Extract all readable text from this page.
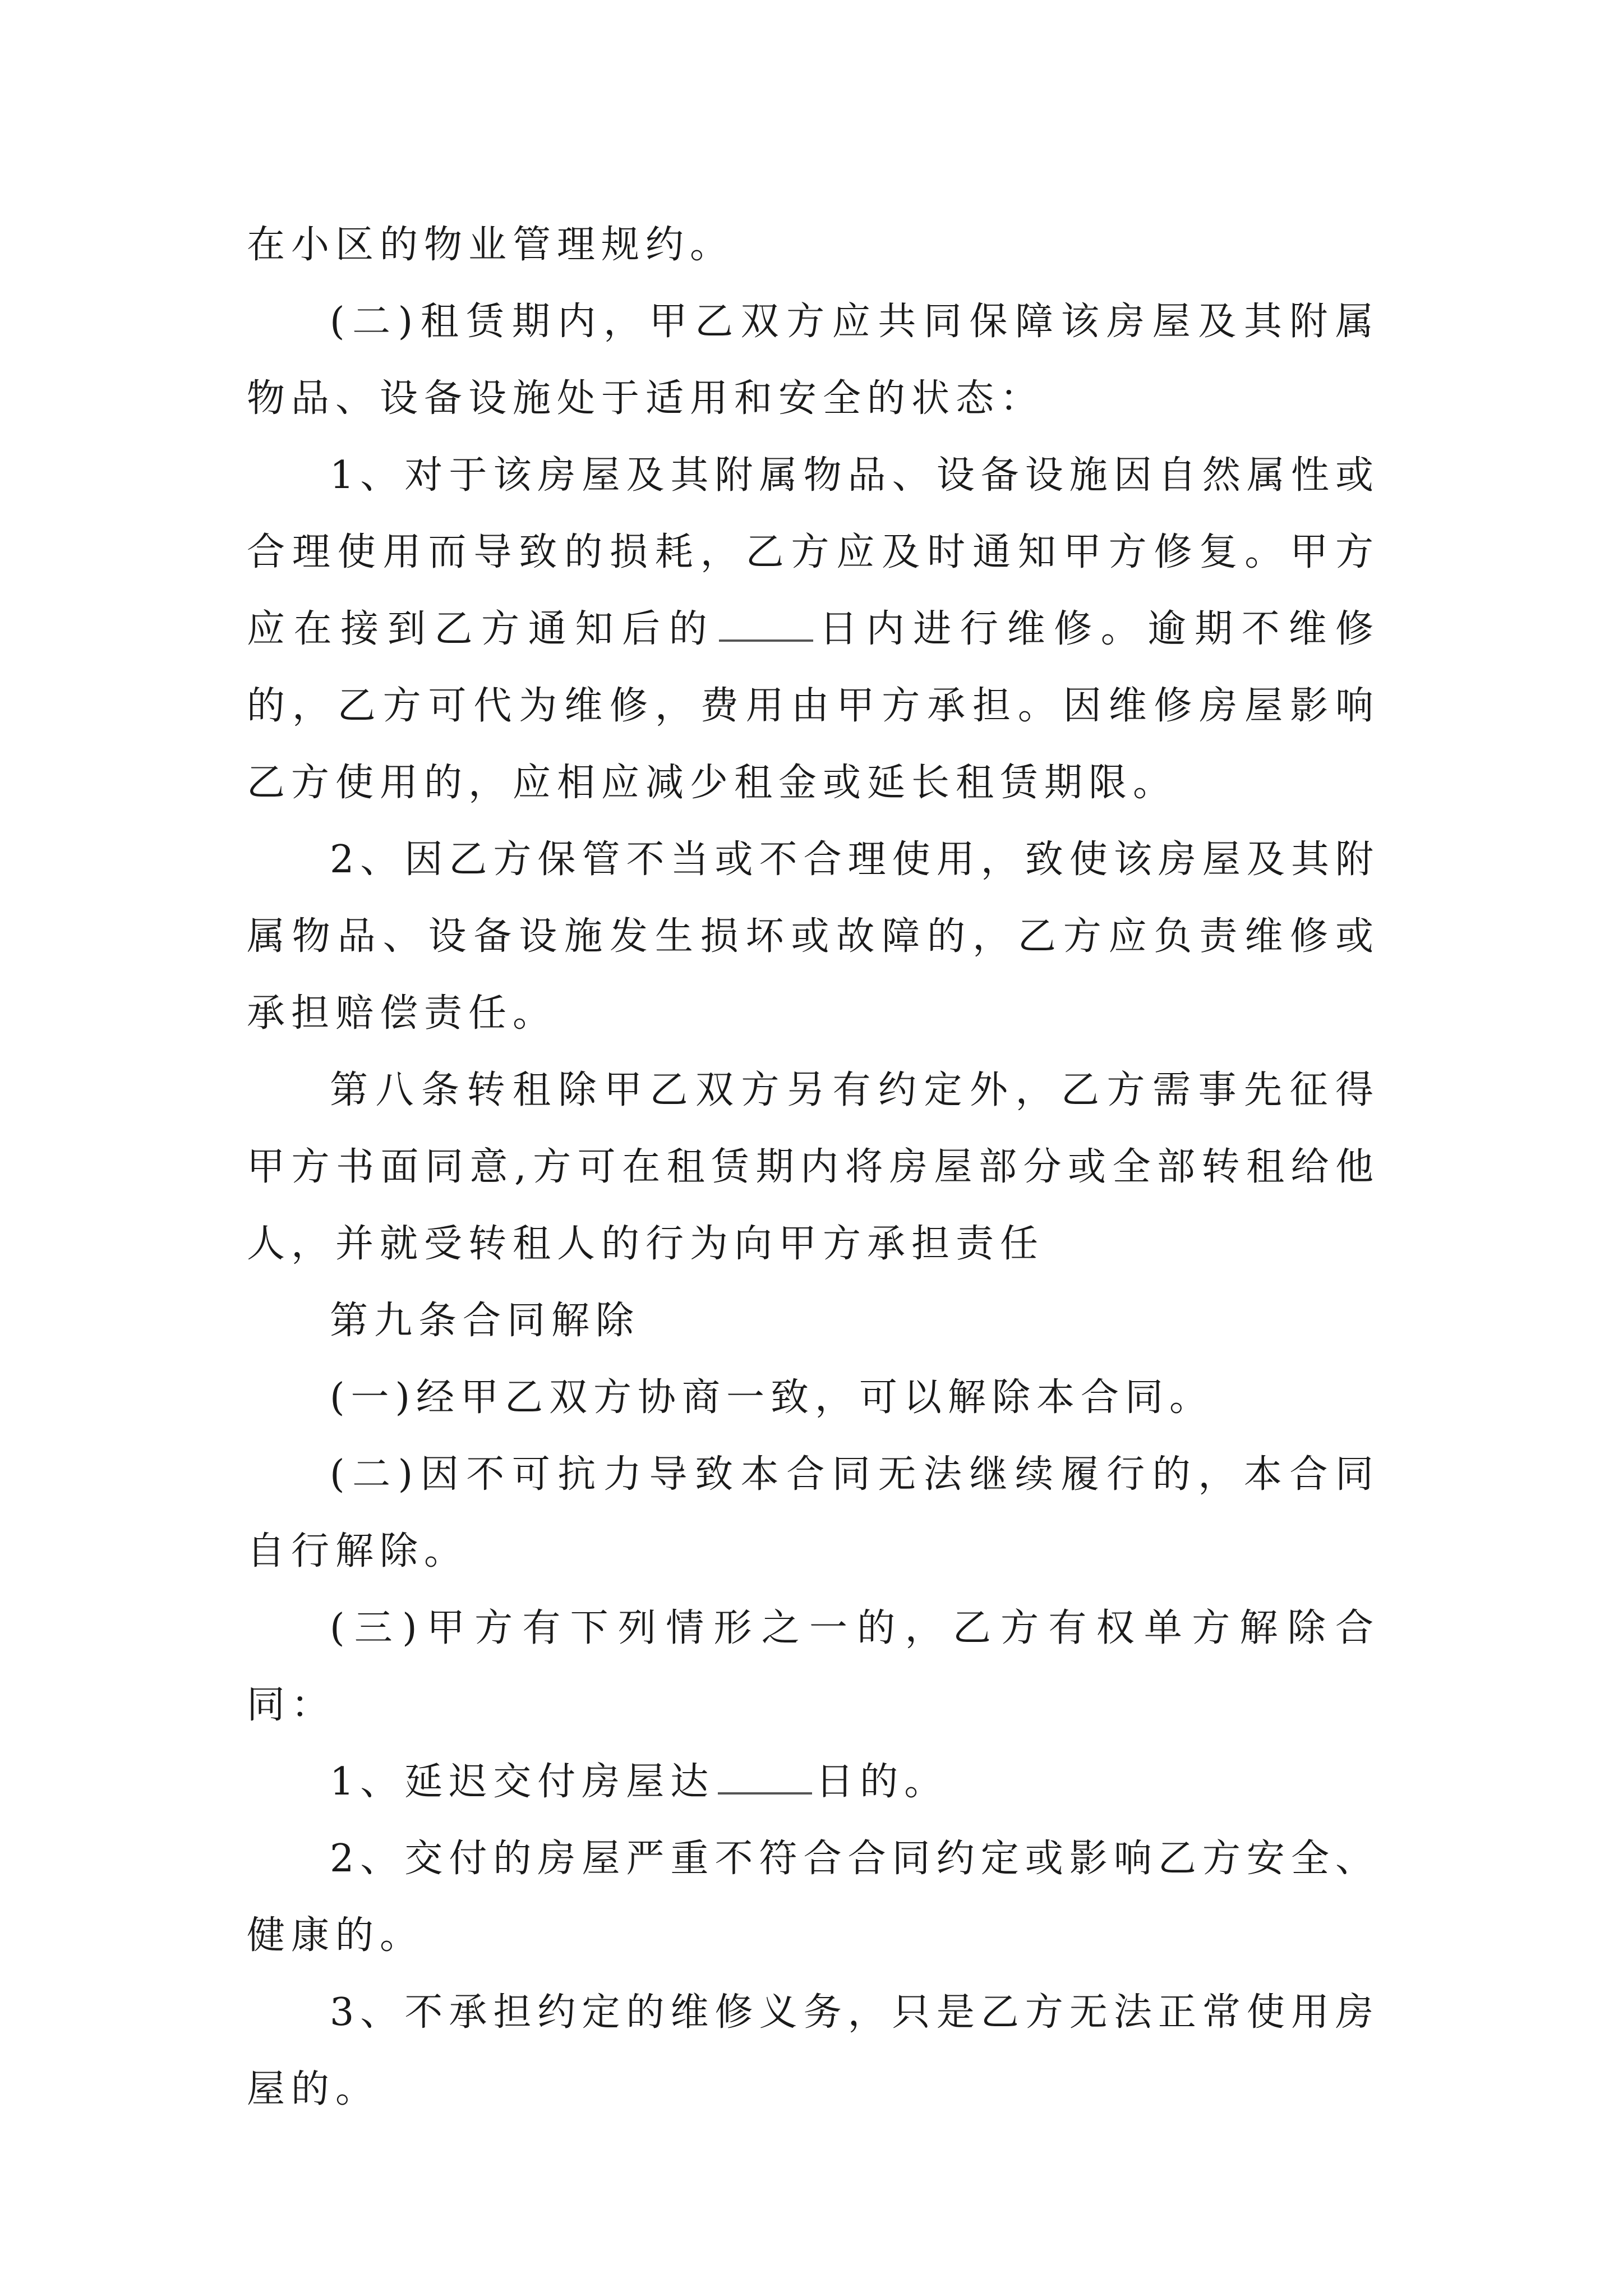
在小区的物业管理规约。

(二)租赁期内，甲乙双方应共同保障该房屋及其附属物品、设备设施处于适用和安全的状态：

1、对于该房屋及其附属物品、设备设施因自然属性或合理使用而导致的损耗，乙方应及时通知甲方修复。甲方应在接到乙方通知后的	日内进行维修。逾期不维修的，乙方可代为维修，费用由甲方承担。因维修房屋影响乙方使用的，应相应减少租金或延长租赁期限。

2、因乙方保管不当或不合理使用，致使该房屋及其附属物品、设备设施发生损坏或故障的，乙方应负责维修或承担赔偿责任。

第八条转租除甲乙双方另有约定外，乙方需事先征得甲方书面同意,方可在租赁期内将房屋部分或全部转租给他人，并就受转租人的行为向甲方承担责任

第九条合同解除

(一)经甲乙双方协商一致，可以解除本合同。

(二)因不可抗力导致本合同无法继续履行的，本合同自行解除。

(三)甲方有下列情形之一的，乙方有权单方解除合同：

1、延迟交付房屋达	日的。

2、交付的房屋严重不符合合同约定或影响乙方安全、健康的。

3、不承担约定的维修义务，只是乙方无法正常使用房屋的。
